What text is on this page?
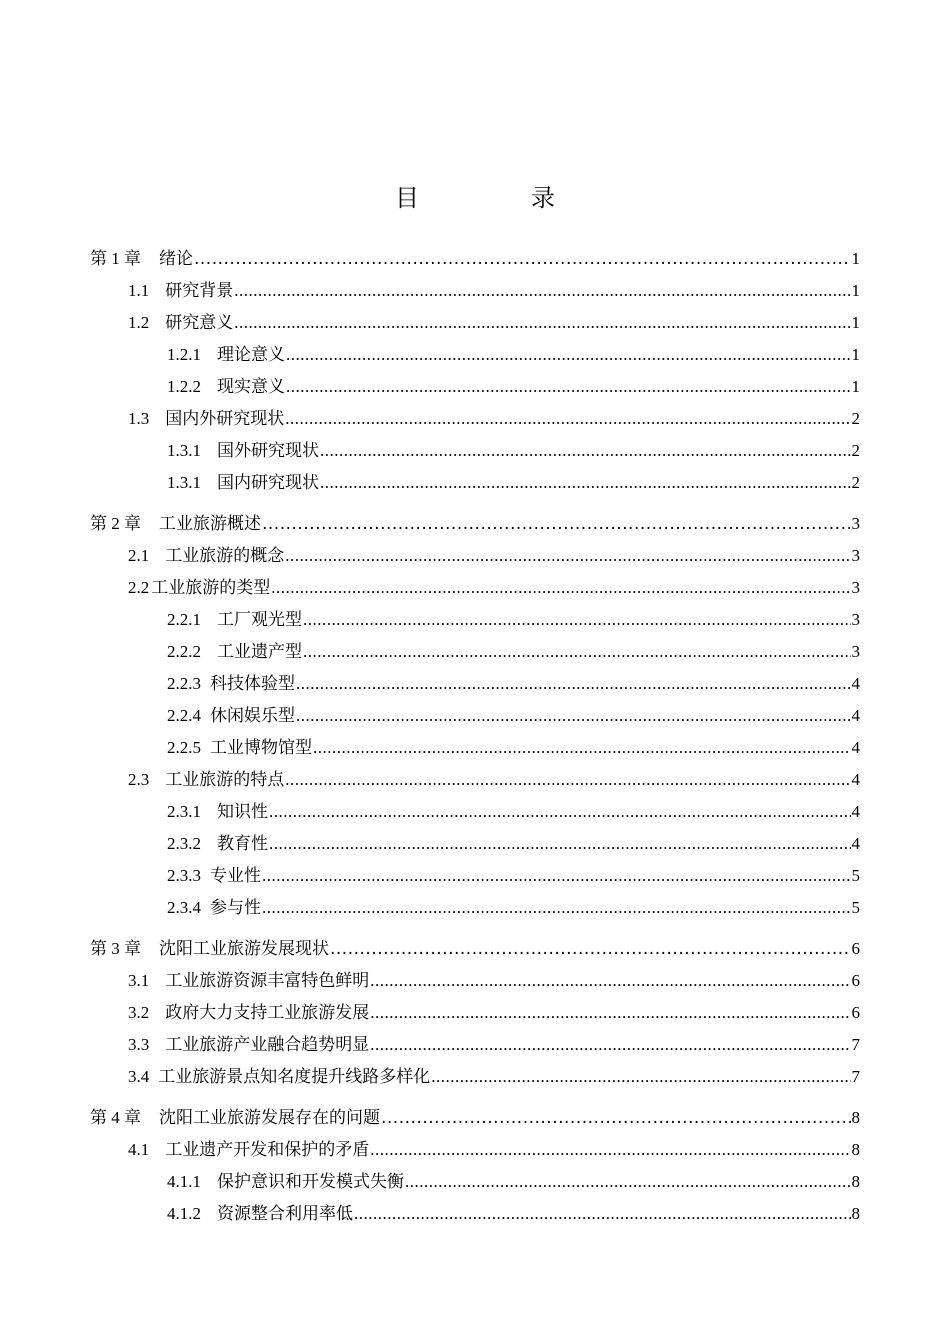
目　录
第 1 章 绪论 .....	1
1.1 研究背景 .....	1
1.2 研究意义 .....	1
1.2.1 理论意义 .....	1
1.2.2 现实意义 .....	1
1.3 国内外研究现状 .....	2
1.3.1 国外研究现状 .....	2
1.3.1 国内研究现状 .....	2
第 2 章 工业旅游概述 .....	3
2.1 工业旅游的概念 .....	3
2.2 工业旅游的类型 .....	3
2.2.1 工厂观光型 .....	3
2.2.2 工业遗产型 .....	3
2.2.3 科技体验型 .....	4
2.2.4 休闲娱乐型 .....	4
2.2.5 工业博物馆型 .....	4
2.3 工业旅游的特点 .....	4
2.3.1 知识性 .....	4
2.3.2 教育性 .....	4
2.3.3 专业性 .....	5
2.3.4 参与性 .....	5
第 3 章 沈阳工业旅游发展现状 .....	6
3.1 工业旅游资源丰富特色鲜明 .....	6
3.2 政府大力支持工业旅游发展 .....	6
3.3 工业旅游产业融合趋势明显 .....	7
3.4 工业旅游景点知名度提升线路多样化 .....	7
第 4 章 沈阳工业旅游发展存在的问题 .....	8
4.1 工业遗产开发和保护的矛盾 .....	8
4.1.1 保护意识和开发模式失衡 .....	8
4.1.2 资源整合利用率低 .....	8
